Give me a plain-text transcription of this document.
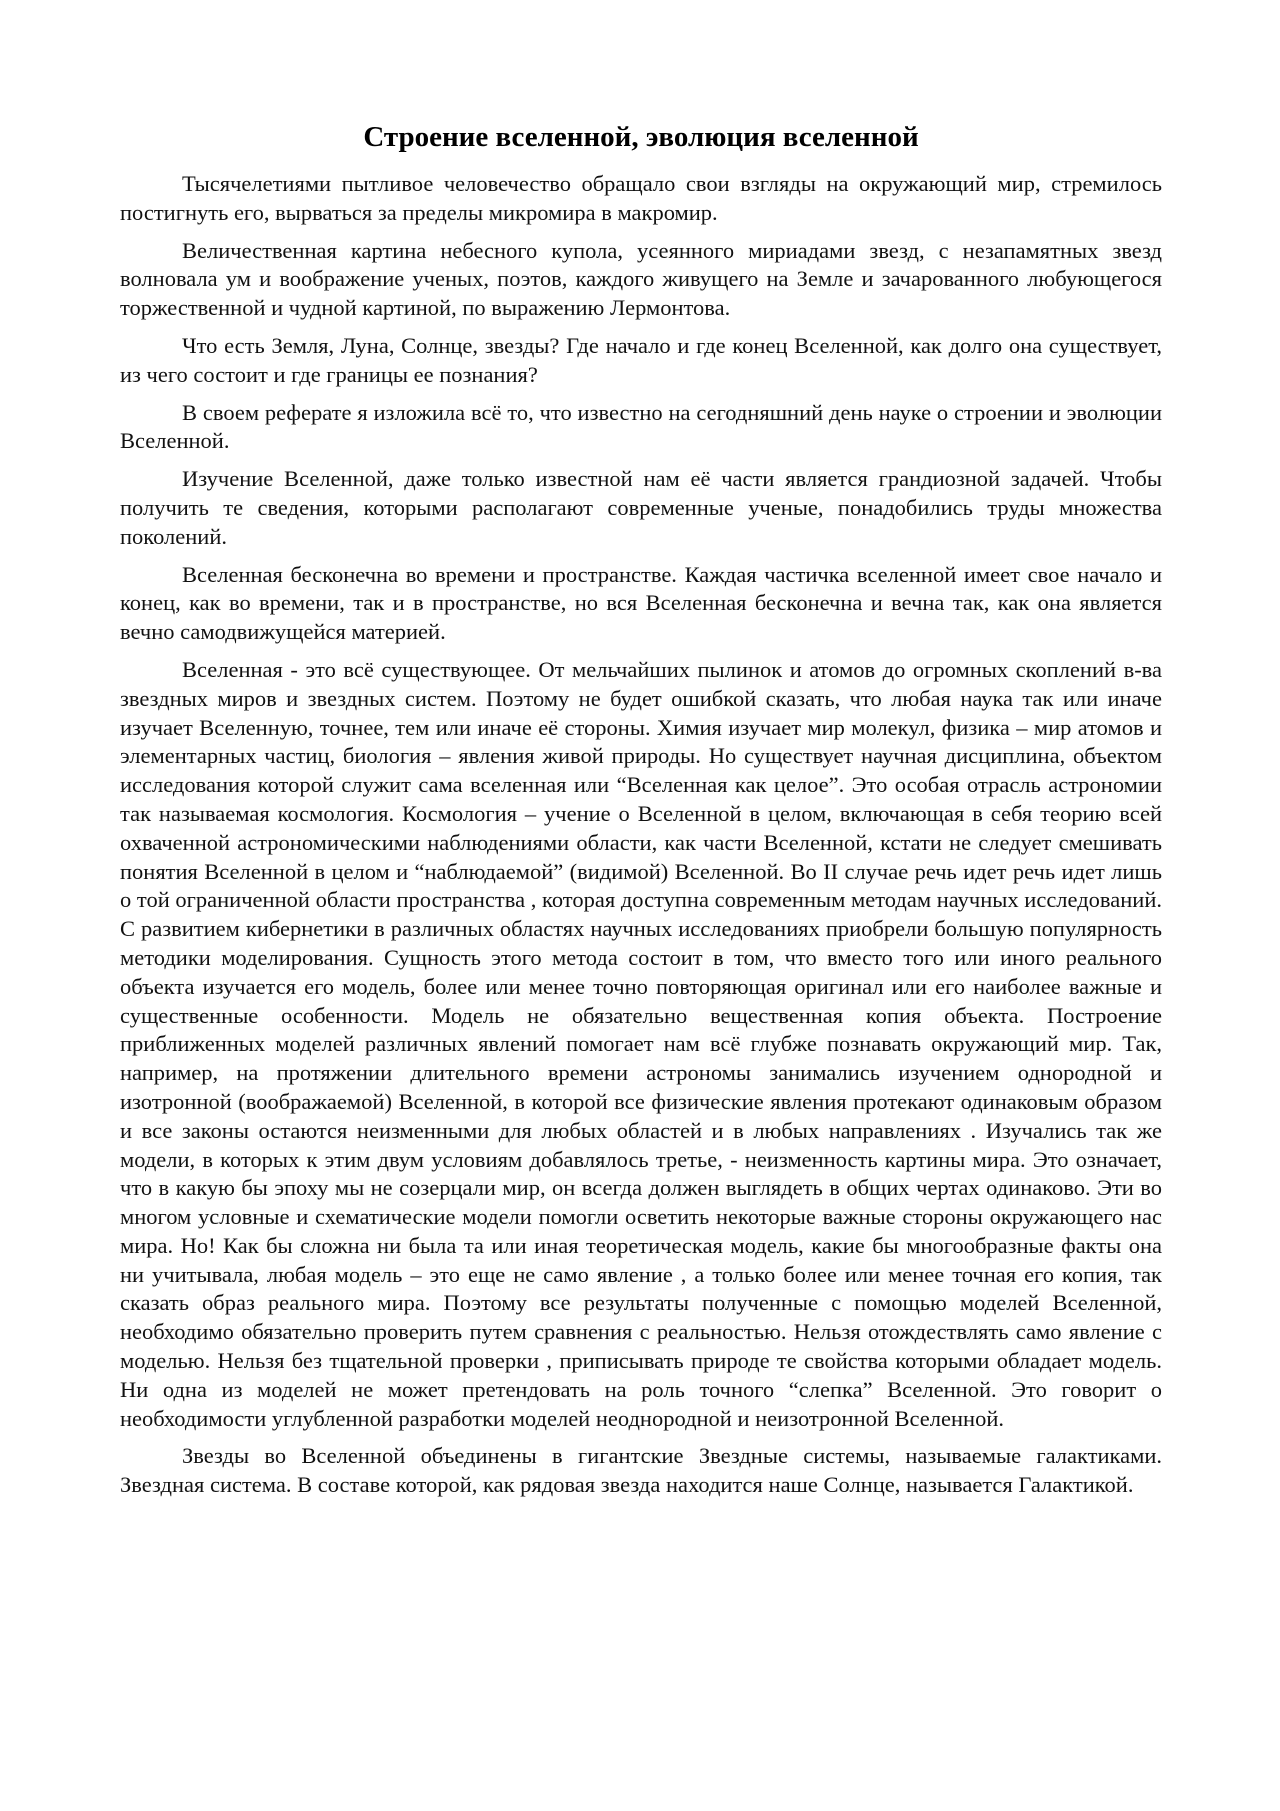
Строение вселенной, эволюция вселенной

Тысячелетиями пытливое человечество обращало свои взгляды на окружающий мир, стремилось постигнуть его, вырваться за пределы микромира в макромир.

Величественная картина небесного купола, усеянного мириадами звезд, с незапамятных звезд волновала ум и воображение ученых, поэтов, каждого живущего на Земле и зачарованного любующегося торжественной и чудной картиной, по выражению Лермонтова.

Что есть Земля, Луна, Солнце, звезды? Где начало и где конец Вселенной, как долго она существует, из чего состоит и где границы ее познания?

В своем реферате я изложила всё то, что известно на сегодняшний день науке о строении и эволюции Вселенной.

Изучение Вселенной, даже только известной нам её части является грандиозной задачей. Чтобы получить те сведения, которыми располагают современные ученые, понадобились труды множества поколений.

Вселенная бесконечна во времени и пространстве. Каждая частичка вселенной имеет свое начало и конец, как во времени, так и в пространстве, но вся Вселенная бесконечна и вечна так, как она является вечно самодвижущейся материей.

Вселенная - это всё существующее. От мельчайших пылинок и атомов до огромных скоплений в-ва звездных миров и звездных систем. Поэтому не будет ошибкой сказать, что любая наука так или иначе изучает Вселенную, точнее, тем или иначе её стороны. Химия изучает мир молекул, физика – мир атомов и элементарных частиц, биология – явления живой природы. Но существует научная дисциплина, объектом исследования которой служит сама вселенная или “Вселенная как целое”. Это особая отрасль астрономии так называемая космология. Космология – учение о Вселенной в целом, включающая в себя теорию всей охваченной астрономическими наблюдениями области, как части Вселенной, кстати не следует смешивать понятия Вселенной в целом и “наблюдаемой” (видимой) Вселенной. Во II случае речь идет речь идет лишь о той ограниченной области пространства , которая доступна современным методам научных исследований. С развитием кибернетики в различных областях научных исследованиях приобрели большую популярность методики моделирования. Сущность этого метода состоит в том, что вместо того или иного реального объекта изучается его модель, более или менее точно повторяющая оригинал или его наиболее важные и существенные особенности. Модель не обязательно вещественная копия объекта. Построение приближенных моделей различных явлений помогает нам всё глубже познавать окружающий мир. Так, например, на протяжении длительного времени астрономы занимались изучением однородной и изотронной (воображаемой) Вселенной, в которой все физические явления протекают одинаковым образом и все законы остаются неизменными для любых областей и в любых направлениях . Изучались так же модели, в которых к этим двум условиям добавлялось третье, - неизменность картины мира. Это означает, что в какую бы эпоху мы не созерцали мир, он всегда должен выглядеть в общих чертах одинаково. Эти во многом условные и схематические модели помогли осветить некоторые важные стороны окружающего нас мира. Но! Как бы сложна ни была та или иная теоретическая модель, какие бы многообразные факты она ни учитывала, любая модель – это еще не само явление , а только более или менее точная его копия, так сказать образ реального мира. Поэтому все результаты полученные с помощью моделей Вселенной, необходимо обязательно проверить путем сравнения с реальностью. Нельзя отождествлять само явление с моделью. Нельзя без тщательной проверки , приписывать природе те свойства которыми обладает модель. Ни одна из моделей не может претендовать на роль точного “слепка” Вселенной. Это говорит о необходимости углубленной разработки моделей неоднородной и неизотронной Вселенной.

Звезды во Вселенной объединены в гигантские Звездные системы, называемые галактиками. Звездная система. В составе которой, как рядовая звезда находится наше Солнце, называется Галактикой.
